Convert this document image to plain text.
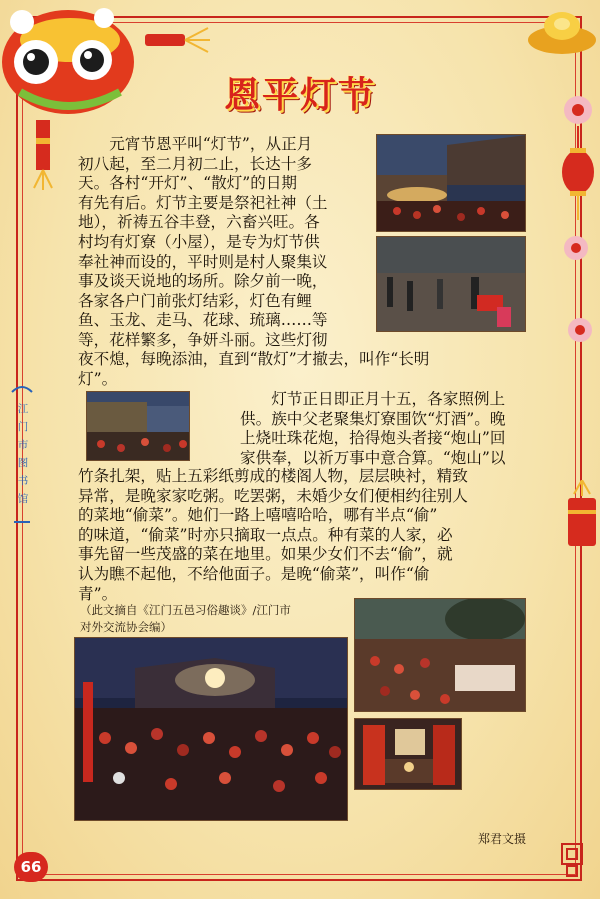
江
门
市
图
书
馆
恩平灯节
　　元宵节恩平叫“灯节”，从正月
初八起，至二月初二止，长达十多
天。各村“开灯”、“散灯”的日期
有先有后。灯节主要是祭祀社神（土
地），祈祷五谷丰登，六畜兴旺。各
村均有灯寮（小屋），是专为灯节供
奉社神而设的，平时则是村人聚集议
事及谈天说地的场所。除夕前一晚，
各家各户门前张灯结彩，灯色有鲤
鱼、玉龙、走马、花球、琉璃……等
等，花样繁多，争妍斗丽。这些灯彻
夜不熄，每晚添油，直到“散灯”才撤去，叫作“长明
灯”。
　　灯节正日即正月十五，各家照例上
供。族中父老聚集灯寮围饮“灯酒”。晚
上烧吐珠花炮，拾得炮头者接“炮山”回
家供奉，以祈万事中意合算。“炮山”以
竹条扎架，贴上五彩纸剪成的楼阁人物，层层映衬，精致
异常，是晚家家吃粥。吃罢粥，未婚少女们便相约往别人
的菜地“偷菜”。她们一路上嘻嘻哈哈，哪有半点“偷”
的味道，“偷菜”时亦只摘取一点点。种有菜的人家，必
事先留一些茂盛的菜在地里。如果少女们不去“偷”，就
认为瞧不起他，不给他面子。是晚“偷菜”，叫作“偷
青”。
（此文摘自《江门五邑习俗趣谈》/江门市
对外交流协会编）
郑君文摄
66
